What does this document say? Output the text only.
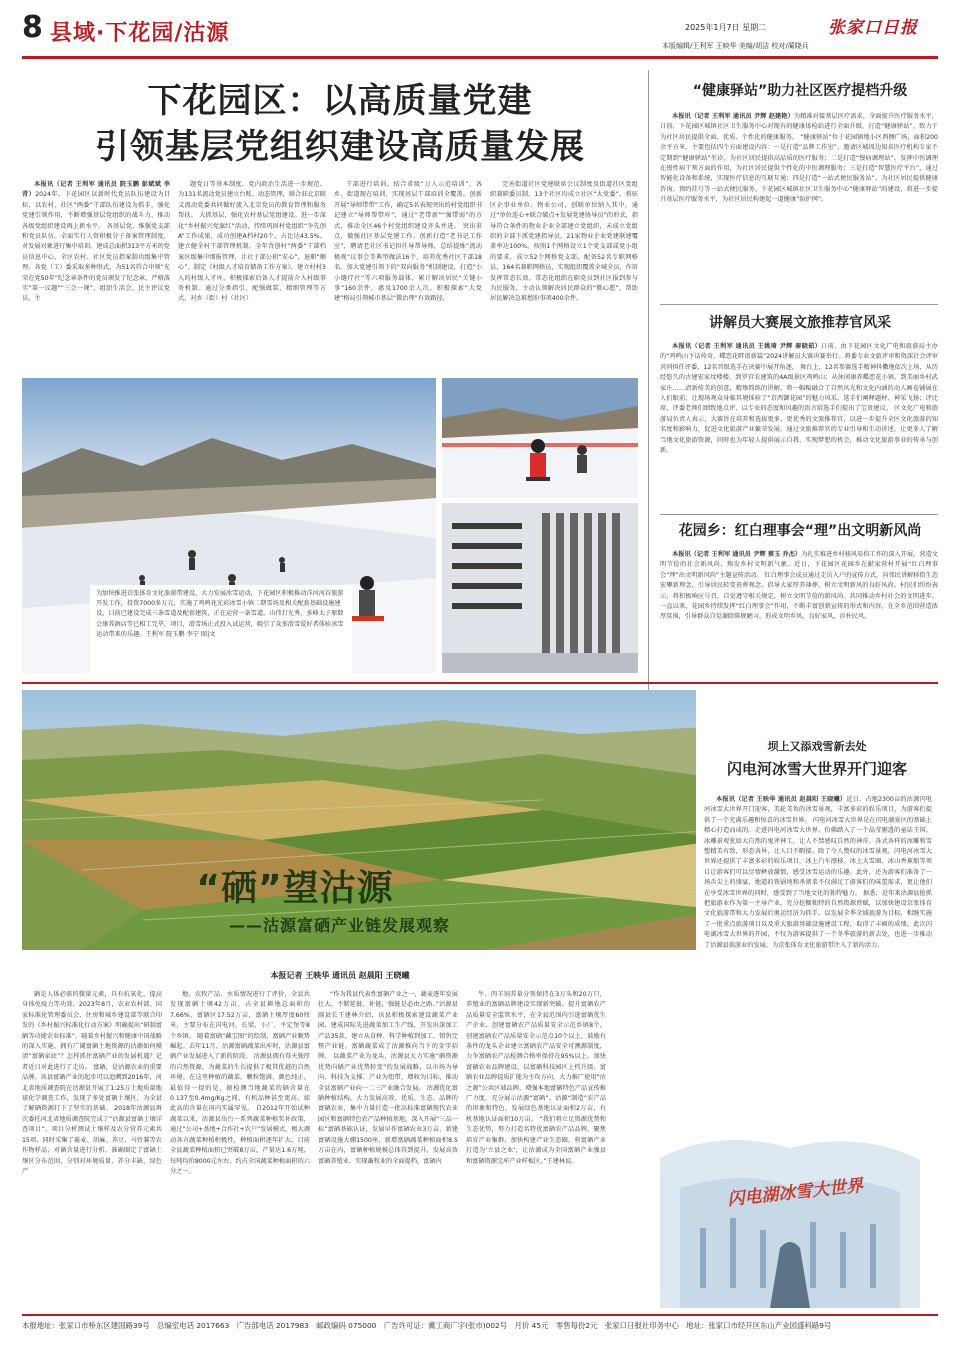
8 县域·下花园/沽源	2025年1月7日 星期二	张家口日报
本版编辑/王利军 王映华 美编/胡洁 校对/蔺晓兵
下花园区：以高质量党建
引领基层党组织建设高质量发展

本报讯（记者 王利军 通讯员 院玉鹏 彭斌斌 李青）2024年，下花园区以新时代党员队伍建设为目标，以农村、社区“两委”干部队伍建设为抓手，强化党建引领作用，不断增强基层党组织的战斗力、推动各级党组织建设再上新水平。 各基层党，维强党支部和党员队伍。全面实行人资积极分子备案管理制度，对发展对象进行集中培训。建成总面积313平方米的党员信息中心，全区农村、社区党员指案制功级集中管理。各党（工）委采取多种形式，为51名符合申领“光荣在党50年”纪念章条件的党员颁发了纪念章。严格落实“第一议题”“三会一课”，组织生活会、民主评议党员、主

题党日等基本制度，党内政治生活进一步规范。为131名流动党员建立台账、动态管理，联合驻北京联义流动党委共同做好流入北京党员的教育管理和服务帮扶。 大抓基层，强化农村基层党组建设。进一步深化“乡村振兴党旗红”活动，持续巩固村党组织“争先创A”工作成果，成功创建A档村20个，占比达43.5%。建立健全村干部管理机制，全年背创村“两委”干部档案区级集中细报管理，计社于部公积“安心”，退职“顺心”。制定《村级人才培育储备工作方案》，建立村村3人的村级人才库，积极探索后备人才提前介入村级事务机制。通过分类指引、配强做装，精细管理等方式，对乡（街）村（社区）

干部进行培训。结合省级“万人示范培训”，各乡、街道现在培训，实现基层干部培训全覆盖。创新开展“导师带带”工作，确定5名表现突出的村党组织书记建立“导师帮带库”，通过“老带新”“强带弱”的方式，推动全区46个村党组织建设齐头并进。 突出重点，做强社区基层党建工作。创新打造“老书记工作室”，聘请老社区书记担任导帮导师，总结提炼“流动极观”议事会等典型做法16个，培养优秀社区干部18名。加大党建引领下的“双向服务”机制建设，打造“小小缝疗社”等六项服务载体，累计解决居民“关键小事”160余件，惠及1700余人次。积极探索“大党建”格局引领城市基层“微治理”有效路径，

完善街道社区党建联席会议制度及街道社区党组织兼职委员制，13个社区均成立社区“大党委”，将驻区企事业单位、物业公司、创联单位纳入其中。通过“单位连心+联合破点+发展党建协导员”的形式，指导符合条件的物业企业全部建立党组织，未成立党组织的全部下派党建指导员，21家物业企业党建联建覆盖率达100%。按照1个网格设立1个党支部或党小组的要求，成立52个网格党支部，配备52名专职网格员，164名兼职网格员，实现组织覆盖全城全员，作用发挥常态长效。常态化组织在职党员到社区报到参与为民服务，主动认领解决居民群众的“微心愿”，帮助居民解决急难愁盼事项400余件。

为加快推进京张体育文化旅游带建设，大力发展冰雪运动，下花园区积极推动洋河河谷旅游开发工作，投资7000多万元，实施了鸡鸣花光彩冰雪小镇二期雪场及相关配套基础设施建设，目前已建设完成三条雪道及配套建筑，正在运营一条雪道。山伟打光秀、多峰太子原数会康养酒店等已相工完毕，项目，滑雪场正式投入试运营，吸引了众多滑雪爱好者体验冰雪运动带来的乐趣。王利军 院玉鹏 李宁 图|文
“健康驿站”助力社区医疗提档升级

本报讯（记者 王利军 通讯员 尹辉 赵建艳）为精准对接基层医疗需求，全面提升医疗服务水平，日前，下花园区城镇社区卫生服务中心对现有的健康体检站进行全面升级，打造“健康驿站”，致力于为社区居民提供全面、优质、个性化的健康服务。 “健康驿站”位于花园镇地小区西侧广场，面积200余平方米，主要包括四个方面建设内容：一是打造“品牌工作室”，邀请区城周边知名医疗机构专家不定期到“健康驿站”坐诊，为社区居民提供高品质的医疗服务；二是打造“慢病调理站”，发挥中医调理在慢性病干预方面的作用，为社区居民提供个性化的中医调理服务；三是打造“智慧医疗平台”，通过智能化设备和系统，实现医疗信息的互联互通；四是打造“一站式便民服务站”，为社区居民提供健康咨询、预约挂号等一站式便民服务。下花园区城镇社区卫生服务中心“健康驿站”的建设，将进一步提升基层医疗服务水平，为社区居民构建起一道健康“防护网”。

讲解员大赛展文旅推荐官风采

本报讯（记者 王利军 通讯员 王姚琦 尹辉 秦晓茹）日前，由下花园区文化广电和旅游局主办的“鸡鸣山下话传奇，蝶恋花畔谱新篇”2024讲解员大赛决赛举行。将委专业文旅评审和资深社会评审共同担任评委，12名晋级选手在决赛中展开角逐。 舞台上，12名参赛选手精神抖擞地依次上场，从历经悠久的古建宏家坟楼楼，到罗宫农建筑的4A级景区鸡鸣山；从休闲康养蝶恋花小镇、到美丽乡村武家庄……清新传美的创意，精炼简练的讲解，将一幅幅融合了自然风光和文化内涵的动人画卷铺展在人们眼前，让现场观众身临其境体验了“京西御花园”的魅力风采。选手们阐释题材、神采飞扬；评比席，评委老师们细致地点评，以专业的态度和风趣的语言给选手们提出了宝贵建议。 区文化广电和旅游局负责人表示，大赛旨在培养和选拔更多、更优秀的文旅推荐官，以进一步提升全区文化旅游的知名度和影响力，促进文化旅游产业繁荣发展。通过文旅推荐官的专业引导和生动讲述，让更多人了解当地文化旅游资源，同时也为年轻人提供展示自我、实现梦想的机会，推动文化旅游事业的传承与创新。

花园乡：红白理事会“理”出文明新风尚

本报讯（记者 王利军 通讯员 尹辉 蔡玉 乔杰）为扎实推进乡村移风易俗工作的深入开展，营造文明节俭的社会新风尚，焕发乡村文明新气象。近日，下花园区花园乡在献家营村开展“红白理事会”理”出文明新风尚”主题宣传活动。 红白理事会成员通过走访入户的宣传方式，向邻民讲解移俗生态宏攀新理念，引导居民转变丧葬观念，倡导大家厚养薄葬，树立文明新风的良好风尚。村民们纷纷表示，将积极响应号召，自觉遵守相关规定，树立文明节俭的新风尚。共同推动乡村社会的文明进步。 一直以来，花园乡持续发挥“红白理事会”作用，不断丰富创新宣传的形式和内容，在全乡范围营造浓厚氛围，引导群众自觉谢除陈规陋习，形成文明乡风、良好家风、淳朴民风。

“硒”望沽源
——沽源富硒产业链发展观察
坝上又添戏雪新去处
闪电河冰雪大世界开门迎客

本报讯（记者 王映华 通讯员 赵晨阳 王晓曦）近日，占地2300亩的沽源闪电河冰雪大世界开门迎客，美轮美奂的冰雪景观，丰富多彩的娱乐项目，为游客们提供了一个充满乐趣和惊喜的冰雪世界。 闪电河冰雪大世界是在闪电湖景区的基础上精心打造而成的。走进闪电河冰雪大世界，仿佛踏入了一个晶莹剔透的童话王国。冰雕景观犹如大自然的鬼斧神工，让人不禁感叹自然的神奇。各式各样的冰雕和雪塑精美有致，形态各异，让人目不暇接。除了令人赞叹的冰雪景观，闪电河冰雪大世界还提供了丰富多彩的娱乐项目，冰上汽车漂移、冰上大雪圈、冰山香蕉船等项目让游客们可以尽情释放激情，感受冰雪运动的乐趣。此外，还为游客们准备了一场舌尖上的盛宴，地道的铁锅炖和杀猪菜不仅满足了游客们的味蕾需求，更让他们在享受冰雪世界的同时，感受到了当地文化的独特魅力。 据悉，近年来沽源县抢抓把旅游业作为第一主导产业，充分挖掘独特的自然资源禀赋，以加快建设京张体育文化旅游带和大力发展后奥运经济为抓手，以发展全季全域旅游为目标，相继实施了一批重点旅游项目以及重大旅游基础设施建设工程，取得了丰硕的成绩。此次闪电湖冰雪大世界的开园，不仅为游客提供了一个冬季旅游的新去处，也进一步推动了沽源县旅游业的发展，为京张体育文化旅游带注入了新的活力。

闪电湖冰雪大世界
本报记者 王映华 通讯员 赵晨阳 王晓曦

硒是人体必需的微量元素，具有抗氧化、提高身体免疫力等功效。2023年8月，农业农村部、国家标准化管理委员会、住房和城乡建设部等联合印发的《乡村振兴标准化行动方案》明确提出“研制富硒等功能农业标准”。随着乡村振兴和健康中国战略的深入实施，拥有广阔富硒土地资源的沽源如何摸清“富硒家底”？怎样抓住富硒产业的发展机遇？记者近日对此进行了走访。 富硒，是沽源农业的重要品牌。该县富硒产业的起步可以追溯到2016年，河北省地质调查院在沽源县开展了1:25万土地质量地球化学调查工作，发现了多处富硒土壤区，为全县了解硒资源打下了坚实的基础。 2018年沽源县再次委托河北省地质调查院完成了“沽源县富硒土壤详查项目”，项目分析测试土壤样及农分营养元素共15项，同时采集了莜麦、胡麻、荞豆、马铃薯等农作物样品，对硒含量进行分析，准确圈定了富硒土壤区分布范围，分别对环境质量、养分丰缺、绿色产

地、农牧产品、水质情况进行了评价，全县共发现富硒土壤42万亩，占全县耕地总面积的7.66%，富硒区17.52万亩，富硒土壤厚度60厘米，主要分布在闪电河、长梁、小厂、平定堡等8个乡镇。 随着富硒“藏宝图”的绘制，富硒产业顺势崛起。去年11月，沽源富硒蔬菜出库时，沽源县富硒产业发展进入了新的阶段。 沽源县拥有得天独厚的自然资源，为蔬菜的生长提供了极其优越的自然环境。在这里种植的蔬菜，颗粒饱满、颜色纯正，最值得一提的是，据检测当地蔬菜的硒含量在0.137至0.4mg/Kg之间，有机品种甚至更高，如此高的含量在国内实属罕见。 自2012年开始试种蔬菜以来，沽源县出台一系列蔬菜种植奖补政策，通过“公司+基地+合作社+农户”发展模式，极大调动各方蔬菜种植积极性，种植面积逐年扩大。目前全县蔬菜种植面积已突破8万亩，产量达1.6万吨，每吨均价8000元左右，约占全国蔬菜种植面积的六分之一。

“作为我县代表性富硒产业之一，蔬麦逐年发展壮大，不断延链、补链，强链是必由之路。”沽源县副县长王建林介绍，该县积极探索建设蔬菜产业园，建成国际先进蔬菜加工生产线，开发出深加工产品35款，建立从育种、科学种植到加工、销售完整产业链。富硒蔬菜成了沽源推向当下的金字招牌。 以蔬菜产业为龙头，沽源县大力实施“硒资源优势向硒产业优势转变”的发展战略，以市场为导向、科技为支撑、产业为纽带、增收为目标，推动全县富硒产业向一二三产业融合发展。 沽源优化富硒种植结构，大力发展高效、优质、生态、品牌的富硒农业，集中力量打造一批高标准富硒现代农业园区和富硒特色农产品种植基地。深入开展“三品一标”富硒基础认证，发展早作富硒农业3万亩，新建富硒设施大棚1500座，新增富硒蔬菜种植面积8.5万亩在内，富硒种植规模总体得到提升，发展高效富硒养殖业，实现畜牧业的全面提档，富硒内

牛、肉羊饲养量分别保持在3万头和20万只，养殖业的富硒品牌建设实现新突破。提升富硒农产品质量安全监管水平，在全县范围内引进富硒优生产企业，创建富硒农产品质量安全示范乡镇8个，创建富硒农产品质量安全示范点10个以上，鼓励有条件的龙头企业建立富硒农产品安全可溯源制度，力争富硒农产品检测合格率保持在95%以上。加快富硒农业品牌建设，以富硒科技园区上档升级、富硒农业品牌提质扩能为主攻方向，大力推广使用“沽之源”公共区域品牌，增强本地富硒特色产品宣传推广力度，充分展示沽源“富硒”、沽源“制造”农产品的形象和特色，发展绿色基地认证面积2万亩，有机基地认证面积10万亩。 “我们将立足资源优势和生态优势，努力打造名特优富硒农产品品牌，聚焦培育产业集群，加快构建产业生态圈，将富硒产业打造为‘立县之业’，让沽源成为全国富硒产业强县和富硒资源宝库产业样板区。”王建林说。

本报地址：张家口市桥东区建国路39号　总编室电话 2017663　广告部电话 2017983　邮政编码 075000　广告许可证：冀工商广字(张市)002号　月价 45元　零售每份2元　张家口日报社印务中心　地址：张家口市经开区东山产业园盛科路9号
